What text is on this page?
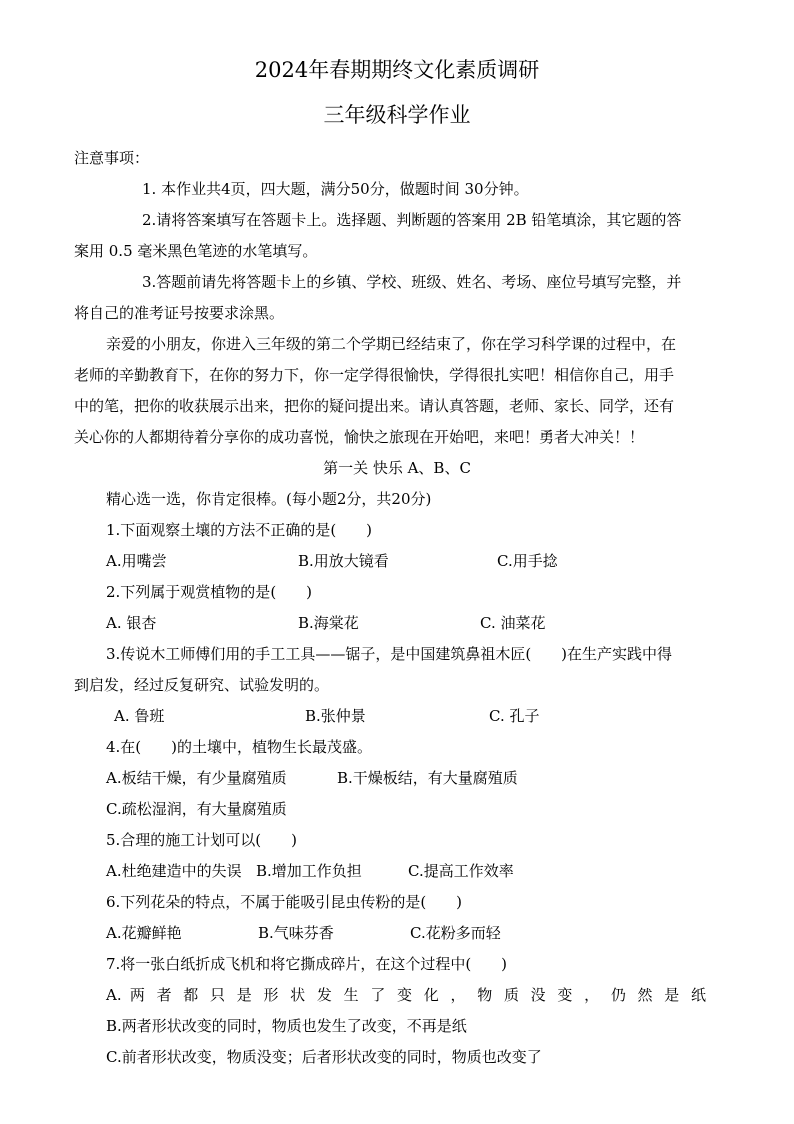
2024年春期期终文化素质调研
三年级科学作业
注意事项：
1. 本作业共4页，四大题，满分50分，做题时间 30分钟。
2.请将答案填写在答题卡上。选择题、判断题的答案用 2B 铅笔填涂，其它题的答
案用 0.5 毫米黑色笔迹的水笔填写。
3.答题前请先将答题卡上的乡镇、学校、班级、姓名、考场、座位号填写完整，并
将自己的准考证号按要求涂黑。
亲爱的小朋友，你进入三年级的第二个学期已经结束了，你在学习科学课的过程中，在
老师的辛勤教育下，在你的努力下，你一定学得很愉快，学得很扎实吧！相信你自己，用手
中的笔，把你的收获展示出来，把你的疑问提出来。请认真答题，老师、家长、同学，还有
关心你的人都期待着分享你的成功喜悦，愉快之旅现在开始吧，来吧！勇者大冲关！！
第一关 快乐 A、B、C
精心选一选，你肯定很棒。(每小题2分，共20分)
1.下面观察土壤的方法不正确的是(　　)
A.用嘴尝	B.用放大镜看	C.用手捻
2.下列属于观赏植物的是(　　)
A. 银杏	B.海棠花	C. 油菜花
3.传说木工师傅们用的手工工具——锯子，是中国建筑鼻祖木匠(　　)在生产实践中得
到启发，经过反复研究、试验发明的。
A. 鲁班	B.张仲景	C. 孔子
4.在(　　)的土壤中，植物生长最茂盛。
A.板结干燥，有少量腐殖质	B.干燥板结，有大量腐殖质
C.疏松湿润，有大量腐殖质
5.合理的施工计划可以(　　)
A.杜绝建造中的失误 B.增加工作负担	C.提高工作效率
6.下列花朵的特点，不属于能吸引昆虫传粉的是(　　)
A.花瓣鲜艳	B.气味芬香	C.花粉多而轻
7.将一张白纸折成飞机和将它撕成碎片，在这个过程中(　　)
A. 两 者 都 只 是 形 状 发 生 了 变 化 ， 物 质 没 变 ， 仍 然 是 纸
B.两者形状改变的同时，物质也发生了改变，不再是纸
C.前者形状改变，物质没变；后者形状改变的同时，物质也改变了
